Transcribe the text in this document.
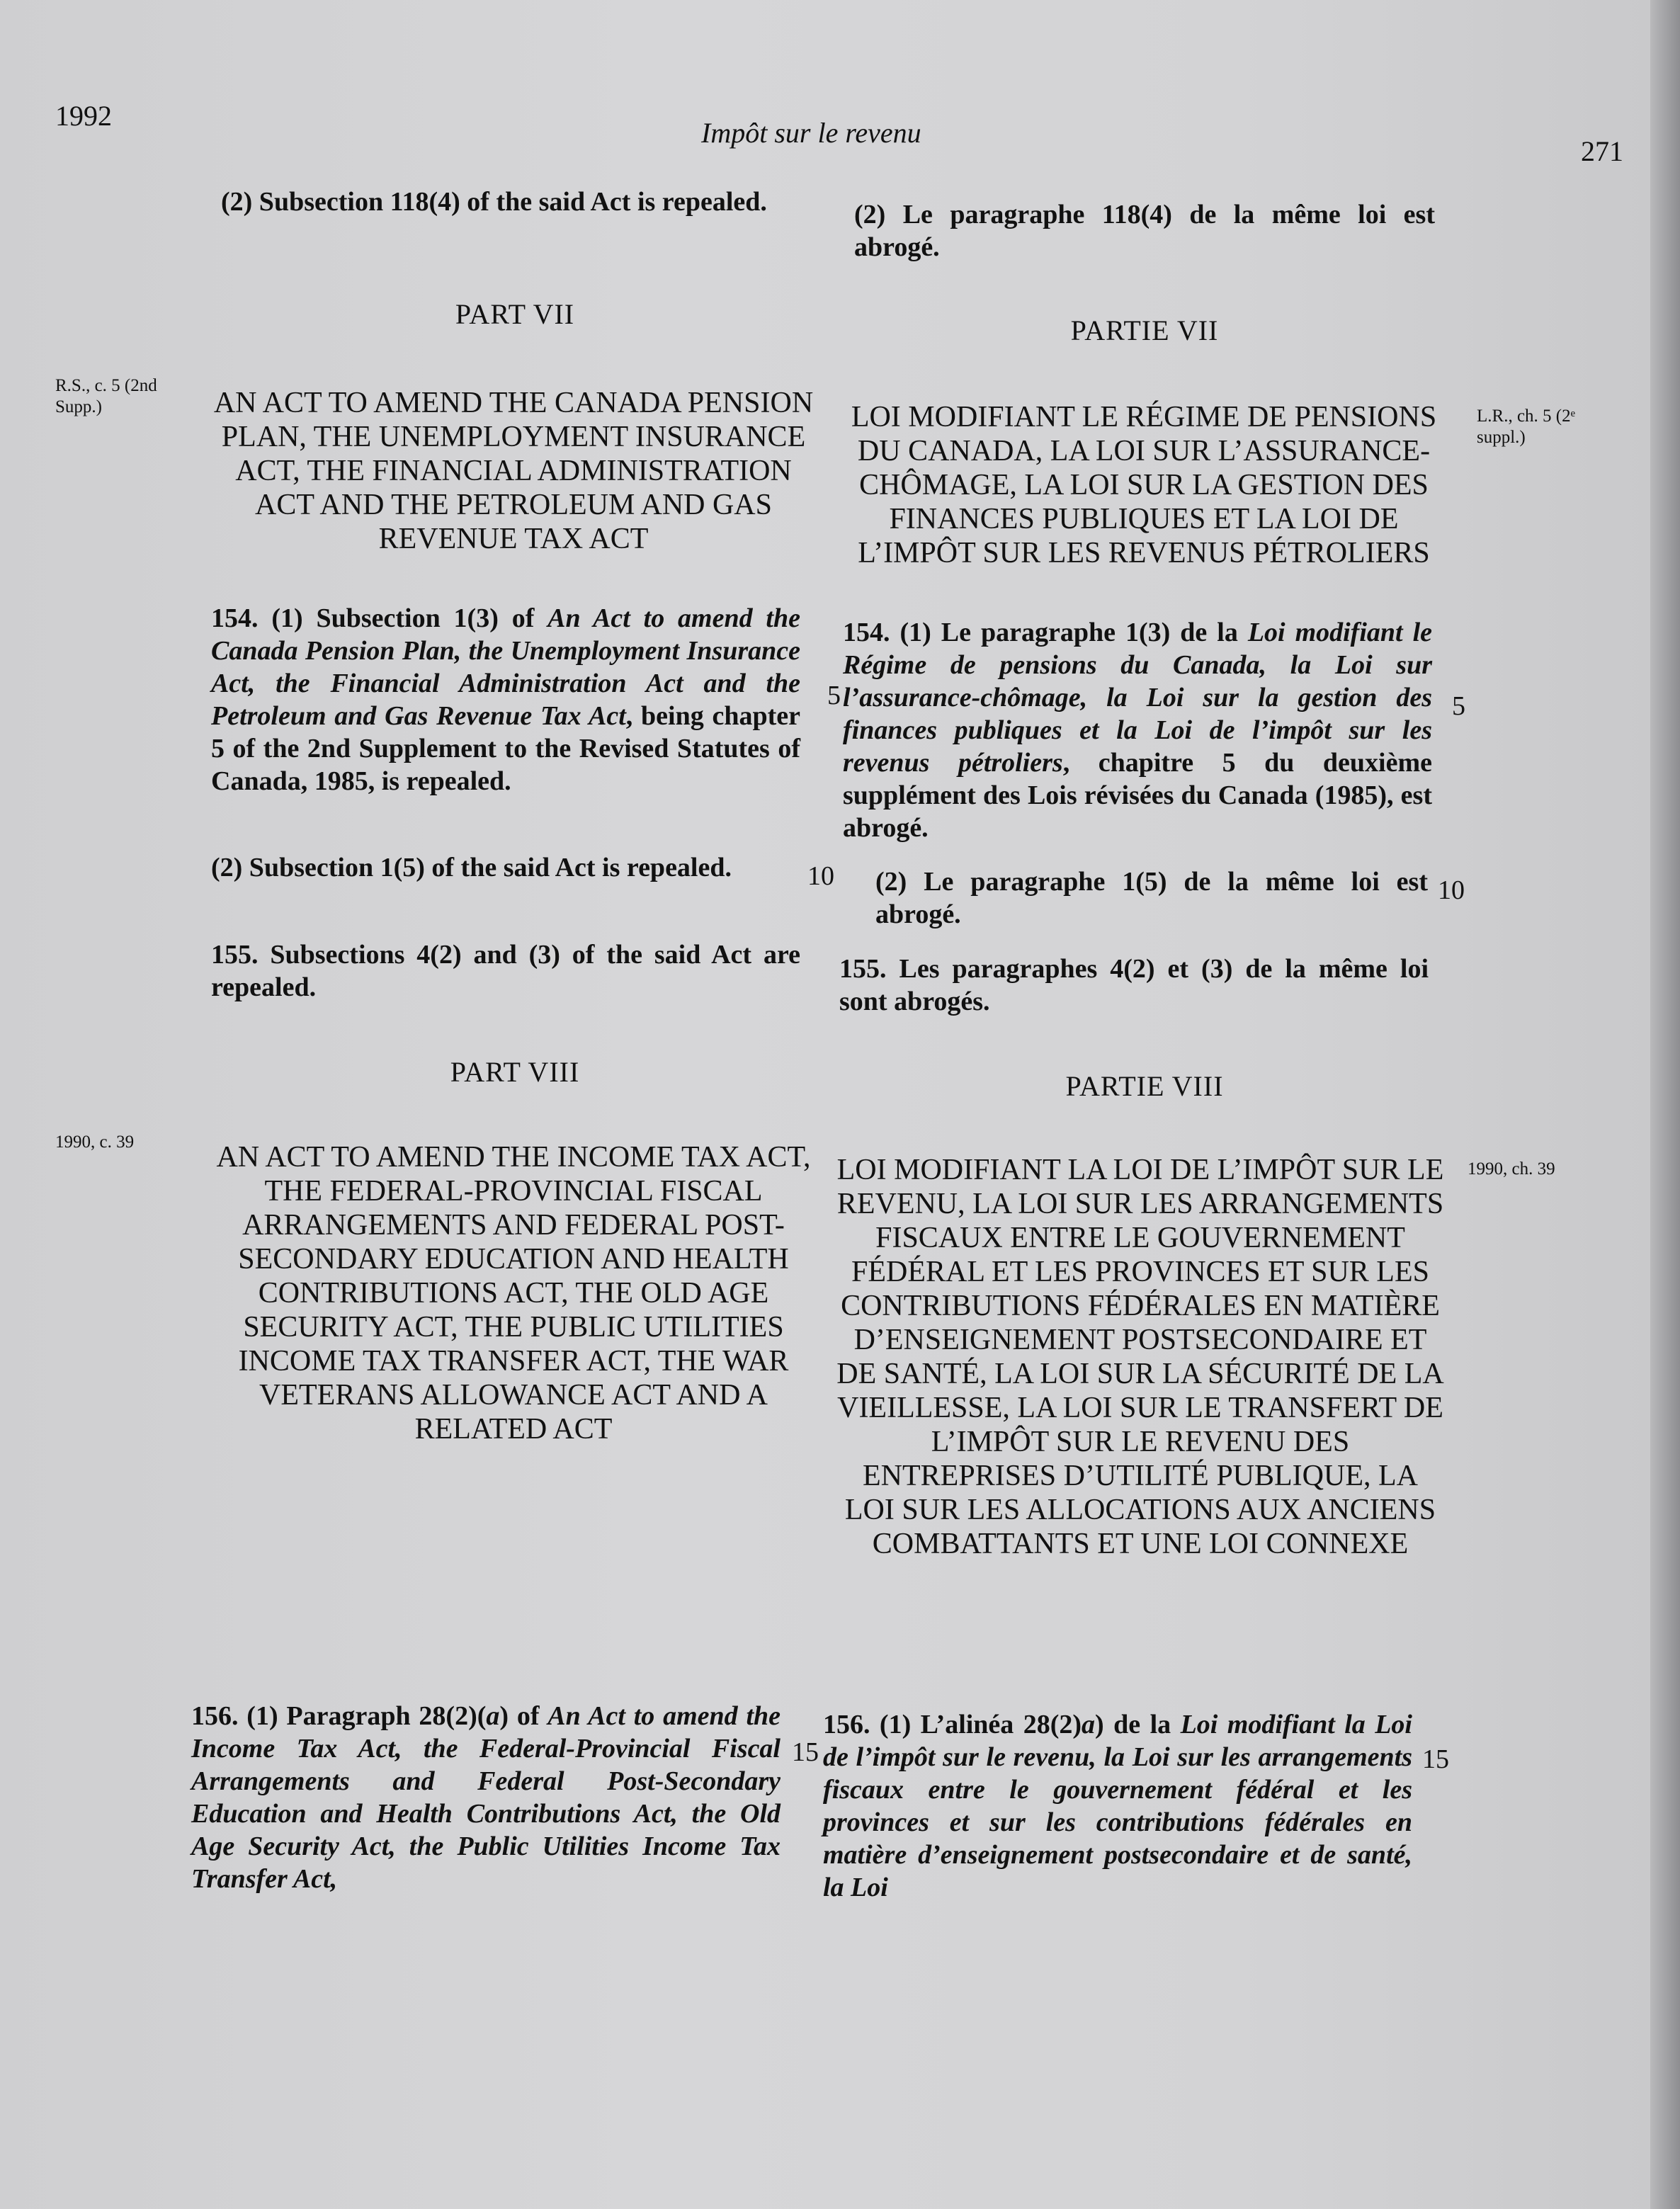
1992
Impôt sur le revenu
271
(2) Subsection 118(4) of the said Act is repealed.
PART VII
R.S., c. 5 (2nd Supp.)	AN ACT TO AMEND THE CANADA PENSION PLAN, THE UNEMPLOYMENT INSURANCE ACT, THE FINANCIAL ADMINISTRATION ACT AND THE PETROLEUM AND GAS REVENUE TAX ACT
154. (1) Subsection 1(3) of An Act to amend the Canada Pension Plan, the Unemployment Insurance Act, the Financial Administration Act and the Petroleum and Gas Revenue Tax Act, being chapter 5 of the 2nd Supplement to the Revised Statutes of Canada, 1985, is repealed.
(2) Subsection 1(5) of the said Act is repealed.
155. Subsections 4(2) and (3) of the said Act are repealed.
PART VIII
1990, c. 39	AN ACT TO AMEND THE INCOME TAX ACT, THE FEDERAL-PROVINCIAL FISCAL ARRANGEMENTS AND FEDERAL POST-SECONDARY EDUCATION AND HEALTH CONTRIBUTIONS ACT, THE OLD AGE SECURITY ACT, THE PUBLIC UTILITIES INCOME TAX TRANSFER ACT, THE WAR VETERANS ALLOWANCE ACT AND A RELATED ACT
156. (1) Paragraph 28(2)(a) of An Act to amend the Income Tax Act, the Federal-Provincial Fiscal Arrangements and Federal Post-Secondary Education and Health Contributions Act, the Old Age Security Act, the Public Utilities Income Tax Transfer Act,
5	5
10	10
15	15
(2) Le paragraphe 118(4) de la même loi est abrogé.
PARTIE VII
L.R., ch. 5 (2ᵉ suppl.)
LOI MODIFIANT LE RÉGIME DE PENSIONS DU CANADA, LA LOI SUR L’ASSURANCE-CHÔMAGE, LA LOI SUR LA GESTION DES FINANCES PUBLIQUES ET LA LOI DE L’IMPÔT SUR LES REVENUS PÉTROLIERS
154. (1) Le paragraphe 1(3) de la Loi modifiant le Régime de pensions du Canada, la Loi sur l’assurance-chômage, la Loi sur la gestion des finances publiques et la Loi de l’impôt sur les revenus pétroliers, chapitre 5 du deuxième supplément des Lois révisées du Canada (1985), est abrogé.
(2) Le paragraphe 1(5) de la même loi est abrogé.
155. Les paragraphes 4(2) et (3) de la même loi sont abrogés.
PARTIE VIII
1990, ch. 39
LOI MODIFIANT LA LOI DE L’IMPÔT SUR LE REVENU, LA LOI SUR LES ARRANGEMENTS FISCAUX ENTRE LE GOUVERNEMENT FÉDÉRAL ET LES PROVINCES ET SUR LES CONTRIBUTIONS FÉDÉRALES EN MATIÈRE D’ENSEIGNEMENT POSTSECONDAIRE ET DE SANTÉ, LA LOI SUR LA SÉCURITÉ DE LA VIEILLESSE, LA LOI SUR LE TRANSFERT DE L’IMPÔT SUR LE REVENU DES ENTREPRISES D’UTILITÉ PUBLIQUE, LA LOI SUR LES ALLOCATIONS AUX ANCIENS COMBATTANTS ET UNE LOI CONNEXE
156. (1) L’alinéa 28(2)a) de la Loi modifiant la Loi de l’impôt sur le revenu, la Loi sur les arrangements fiscaux entre le gouvernement fédéral et les provinces et sur les contributions fédérales en matière d’enseignement postsecondaire et de santé, la Loi
